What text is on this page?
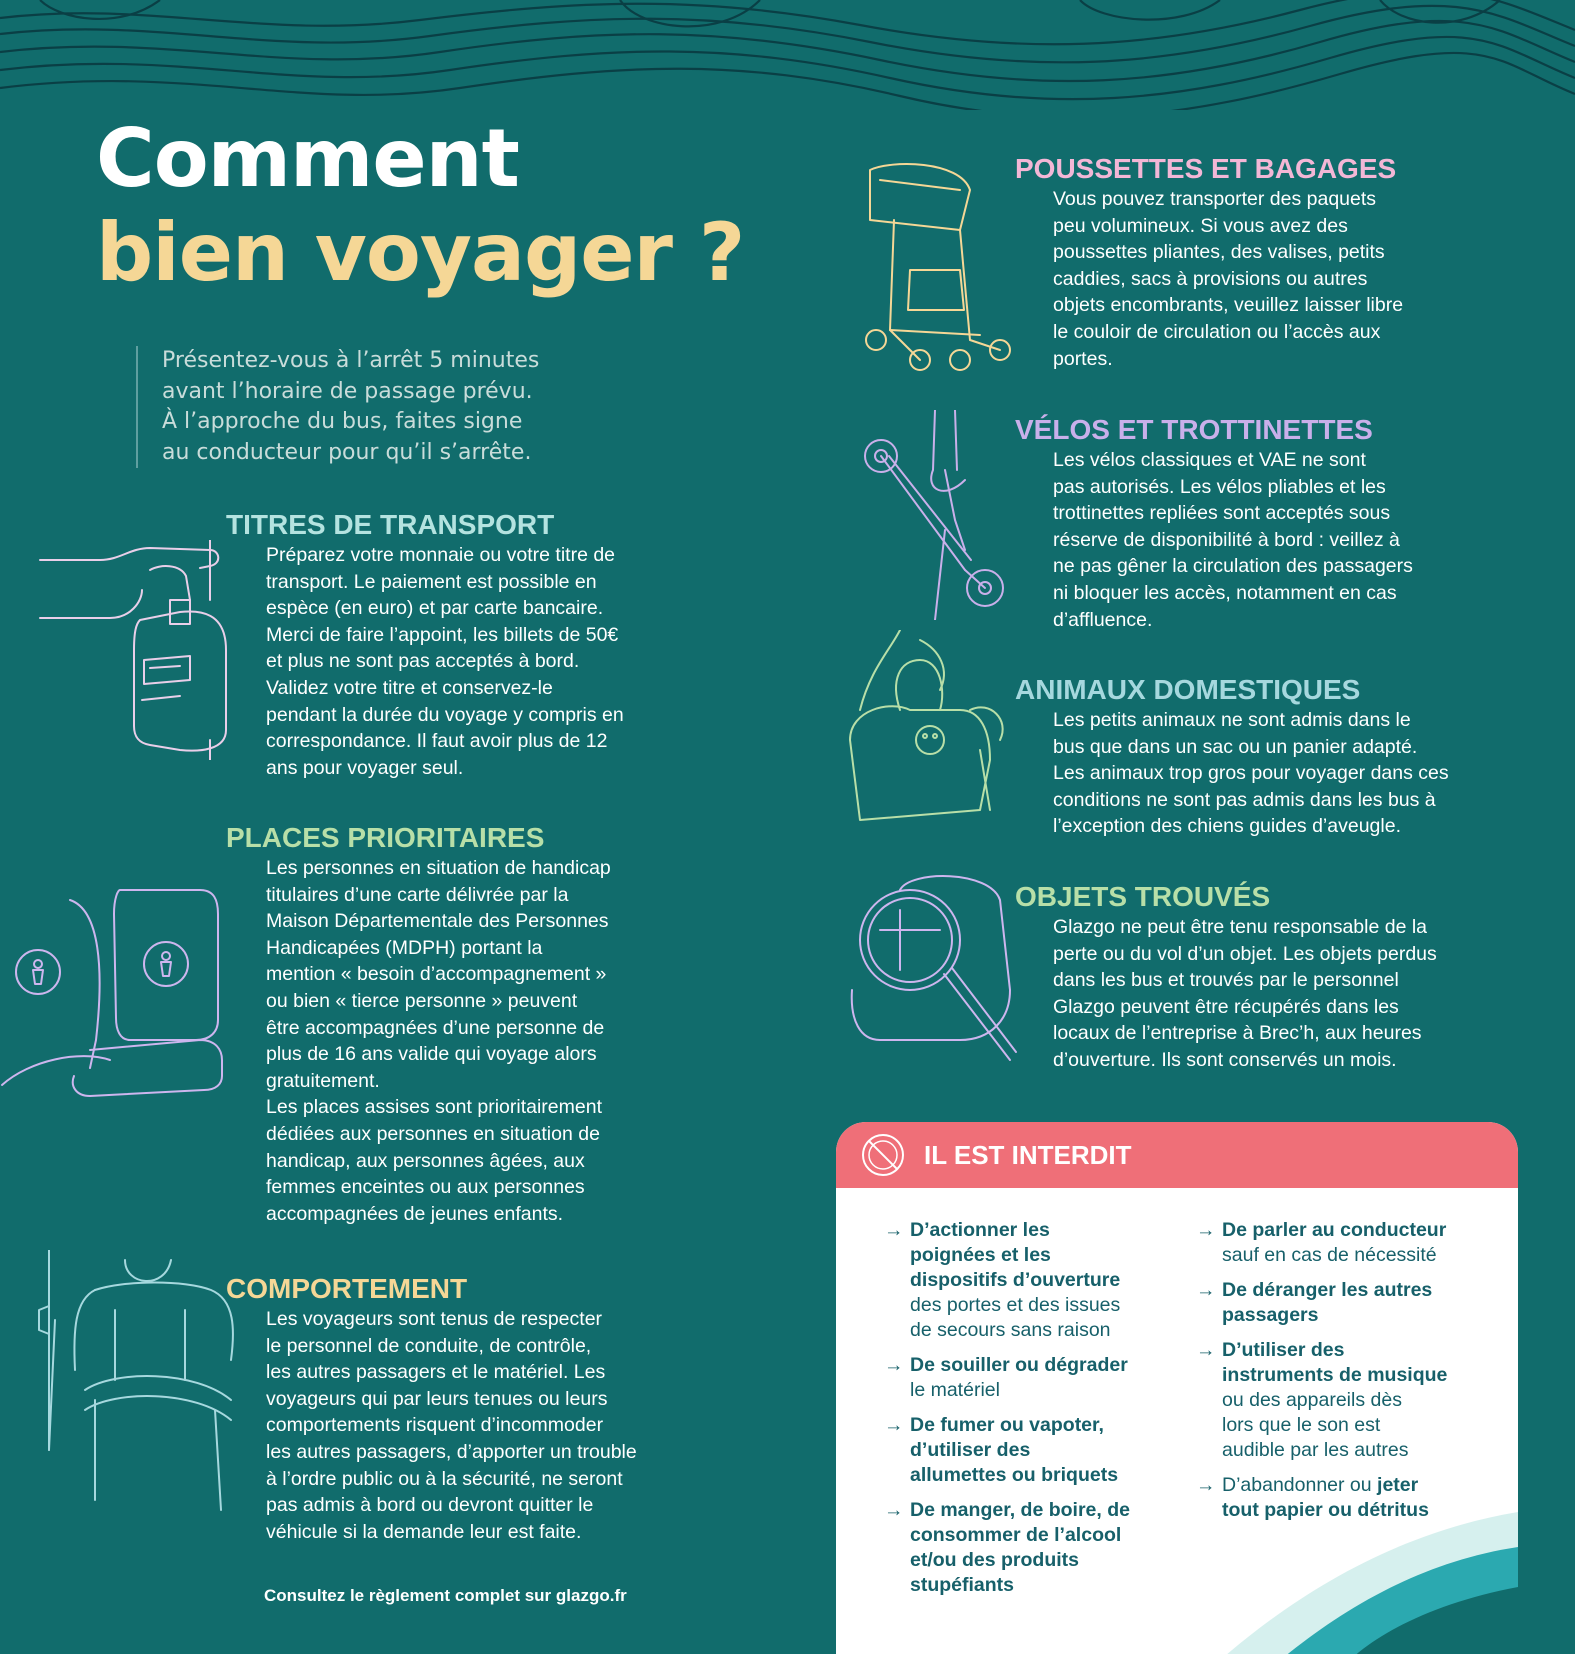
Comment
bien voyager ?
Présentez-vous à l’arrêt 5 minutes
avant l’horaire de passage prévu.
À l’approche du bus, faites signe
au conducteur pour qu’il s’arrête.
TITRES DE TRANSPORT

Préparez votre monnaie ou votre titre de
transport. Le paiement est possible en
espèce (en euro) et par carte bancaire.
Merci de faire l’appoint, les billets de 50€
et plus ne sont pas acceptés à bord.
Validez votre titre et conservez-le
pendant la durée du voyage y compris en
correspondance. Il faut avoir plus de 12
ans pour voyager seul.

PLACES PRIORITAIRES

Les personnes en situation de handicap
titulaires d’une carte délivrée par la
Maison Départementale des Personnes
Handicapées (MDPH) portant la
mention « besoin d’accompagnement »
ou bien « tierce personne » peuvent
être accompagnées d’une personne de
plus de 16 ans valide qui voyage alors
gratuitement.
Les places assises sont prioritairement
dédiées aux personnes en situation de
handicap, aux personnes âgées, aux
femmes enceintes ou aux personnes
accompagnées de jeunes enfants.

COMPORTEMENT

Les voyageurs sont tenus de respecter
le personnel de conduite, de contrôle,
les autres passagers et le matériel. Les
voyageurs qui par leurs tenues ou leurs
comportements risquent d’incommoder
les autres passagers, d’apporter un trouble
à l’ordre public ou à la sécurité, ne seront
pas admis à bord ou devront quitter le
véhicule si la demande leur est faite.

POUSSETTES ET BAGAGES

Vous pouvez transporter des paquets
peu volumineux. Si vous avez des
poussettes pliantes, des valises, petits
caddies, sacs à provisions ou autres
objets encombrants, veuillez laisser libre
le couloir de circulation ou l’accès aux
portes.

VÉLOS ET TROTTINETTES

Les vélos classiques et VAE ne sont
pas autorisés. Les vélos pliables et les
trottinettes repliées sont acceptés sous
réserve de disponibilité à bord : veillez à
ne pas gêner la circulation des passagers
ni bloquer les accès, notamment en cas
d’affluence.

ANIMAUX DOMESTIQUES

Les petits animaux ne sont admis dans le
bus que dans un sac ou un panier adapté.
Les animaux trop gros pour voyager dans ces
conditions ne sont pas admis dans les bus à
l’exception des chiens guides d’aveugle.

OBJETS TROUVÉS

Glazgo ne peut être tenu responsable de la
perte ou du vol d’un objet. Les objets perdus
dans les bus et trouvés par le personnel
Glazgo peuvent être récupérés dans les
locaux de l’entreprise à Brec’h, aux heures
d’ouverture. Ils sont conservés un mois.

IL EST INTERDIT
→ D’actionner les
poignées et les
dispositifs d’ouverture
des portes et des issues
de secours sans raison
→ De souiller ou dégrader
le matériel
→ De fumer ou vapoter,
d’utiliser des
allumettes ou briquets
→ De manger, de boire, de
consommer de l’alcool
et/ou des produits
stupéfiants
→ De parler au conducteur
sauf en cas de nécessité
→ De déranger les autres
passagers
→ D’utiliser des
instruments de musique
ou des appareils dès
lors que le son est
audible par les autres
→ D’abandonner ou jeter
tout papier ou détritus
Consultez le règlement complet sur glazgo.fr
